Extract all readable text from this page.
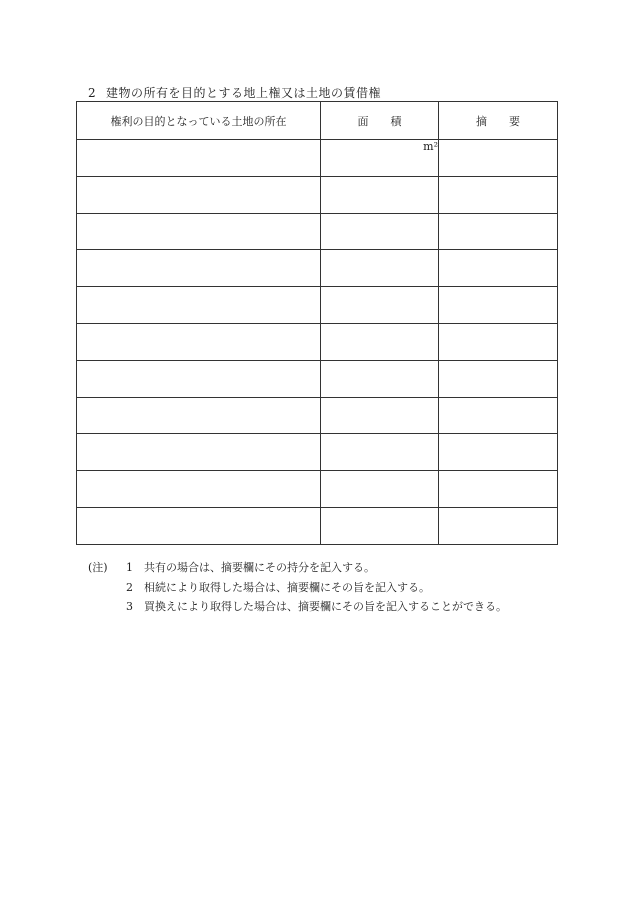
2 建物の所有を目的とする地上権又は土地の賃借権
権利の目的となっている土地の所在	面　　積	摘　　要
	m²	

(注) 1 共有の場合は、摘要欄にその持分を記入する。
2 相続により取得した場合は、摘要欄にその旨を記入する。
3 買換えにより取得した場合は、摘要欄にその旨を記入することができる。
